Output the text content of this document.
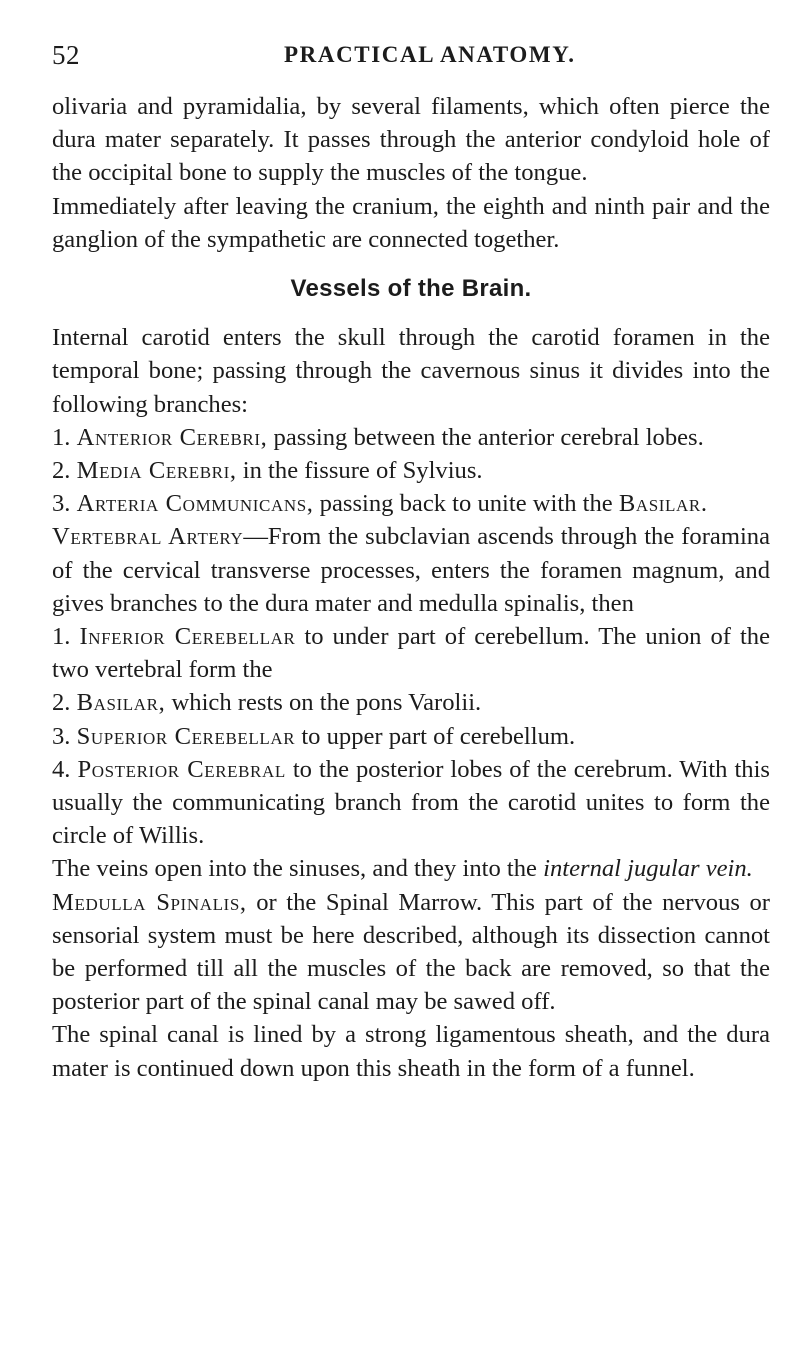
52	PRACTICAL ANATOMY.

olivaria and pyramidalia, by several filaments, which often pierce the dura mater separately. It passes through the anterior condyloid hole of the occipital bone to supply the muscles of the tongue.

Immediately after leaving the cranium, the eighth and ninth pair and the ganglion of the sympathetic are connected together.

Vessels of the Brain.

Internal carotid enters the skull through the carotid foramen in the temporal bone; passing through the cavernous sinus it divides into the following branches:

1. Anterior Cerebri, passing between the anterior cerebral lobes.

2. Media Cerebri, in the fissure of Sylvius.

3. Arteria Communicans, passing back to unite with the Basilar.

Vertebral Artery—From the subclavian ascends through the foramina of the cervical transverse processes, enters the foramen magnum, and gives branches to the dura mater and medulla spinalis, then

1. Inferior Cerebellar to under part of cerebellum. The union of the two vertebral form the

2. Basilar, which rests on the pons Varolii.

3. Superior Cerebellar to upper part of cerebellum.

4. Posterior Cerebral to the posterior lobes of the cerebrum. With this usually the communicating branch from the carotid unites to form the circle of Willis.

The veins open into the sinuses, and they into the internal jugular vein.

Medulla Spinalis, or the Spinal Marrow. This part of the nervous or sensorial system must be here described, although its dissection cannot be performed till all the muscles of the back are removed, so that the posterior part of the spinal canal may be sawed off.

The spinal canal is lined by a strong ligamentous sheath, and the dura mater is continued down upon this sheath in the form of a funnel.
